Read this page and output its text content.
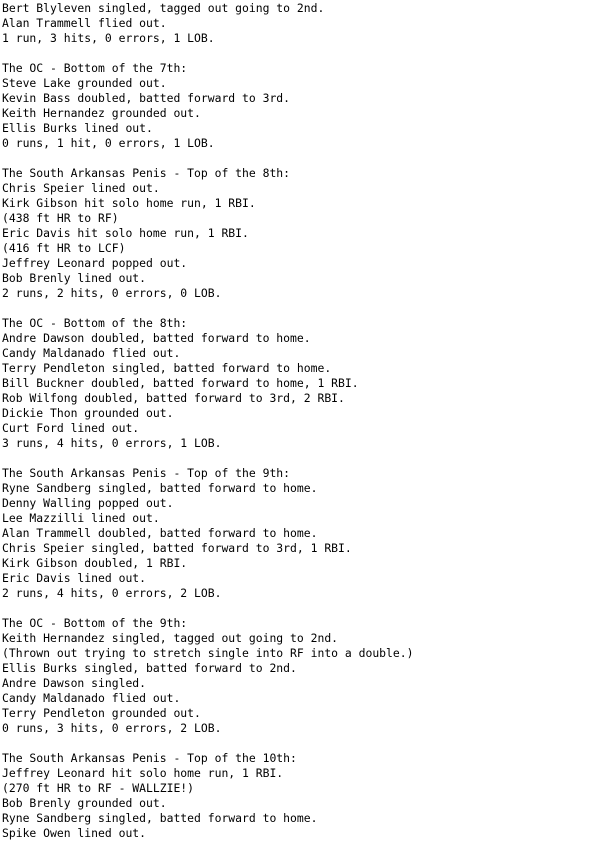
Bert Blyleven singled, tagged out going to 2nd.
Alan Trammell flied out.
1 run, 3 hits, 0 errors, 1 LOB.
The OC - Bottom of the 7th:
Steve Lake grounded out.
Kevin Bass doubled, batted forward to 3rd.
Keith Hernandez grounded out.
Ellis Burks lined out.
0 runs, 1 hit, 0 errors, 1 LOB.
The South Arkansas Penis - Top of the 8th:
Chris Speier lined out.
Kirk Gibson hit solo home run, 1 RBI.
(438 ft HR to RF)
Eric Davis hit solo home run, 1 RBI.
(416 ft HR to LCF)
Jeffrey Leonard popped out.
Bob Brenly lined out.
2 runs, 2 hits, 0 errors, 0 LOB.
The OC - Bottom of the 8th:
Andre Dawson doubled, batted forward to home.
Candy Maldanado flied out.
Terry Pendleton singled, batted forward to home.
Bill Buckner doubled, batted forward to home, 1 RBI.
Rob Wilfong doubled, batted forward to 3rd, 2 RBI.
Dickie Thon grounded out.
Curt Ford lined out.
3 runs, 4 hits, 0 errors, 1 LOB.
The South Arkansas Penis - Top of the 9th:
Ryne Sandberg singled, batted forward to home.
Denny Walling popped out.
Lee Mazzilli lined out.
Alan Trammell doubled, batted forward to home.
Chris Speier singled, batted forward to 3rd, 1 RBI.
Kirk Gibson doubled, 1 RBI.
Eric Davis lined out.
2 runs, 4 hits, 0 errors, 2 LOB.
The OC - Bottom of the 9th:
Keith Hernandez singled, tagged out going to 2nd.
(Thrown out trying to stretch single into RF into a double.)
Ellis Burks singled, batted forward to 2nd.
Andre Dawson singled.
Candy Maldanado flied out.
Terry Pendleton grounded out.
0 runs, 3 hits, 0 errors, 2 LOB.
The South Arkansas Penis - Top of the 10th:
Jeffrey Leonard hit solo home run, 1 RBI.
(270 ft HR to RF - WALLZIE!)
Bob Brenly grounded out.
Ryne Sandberg singled, batted forward to home.
Spike Owen lined out.
